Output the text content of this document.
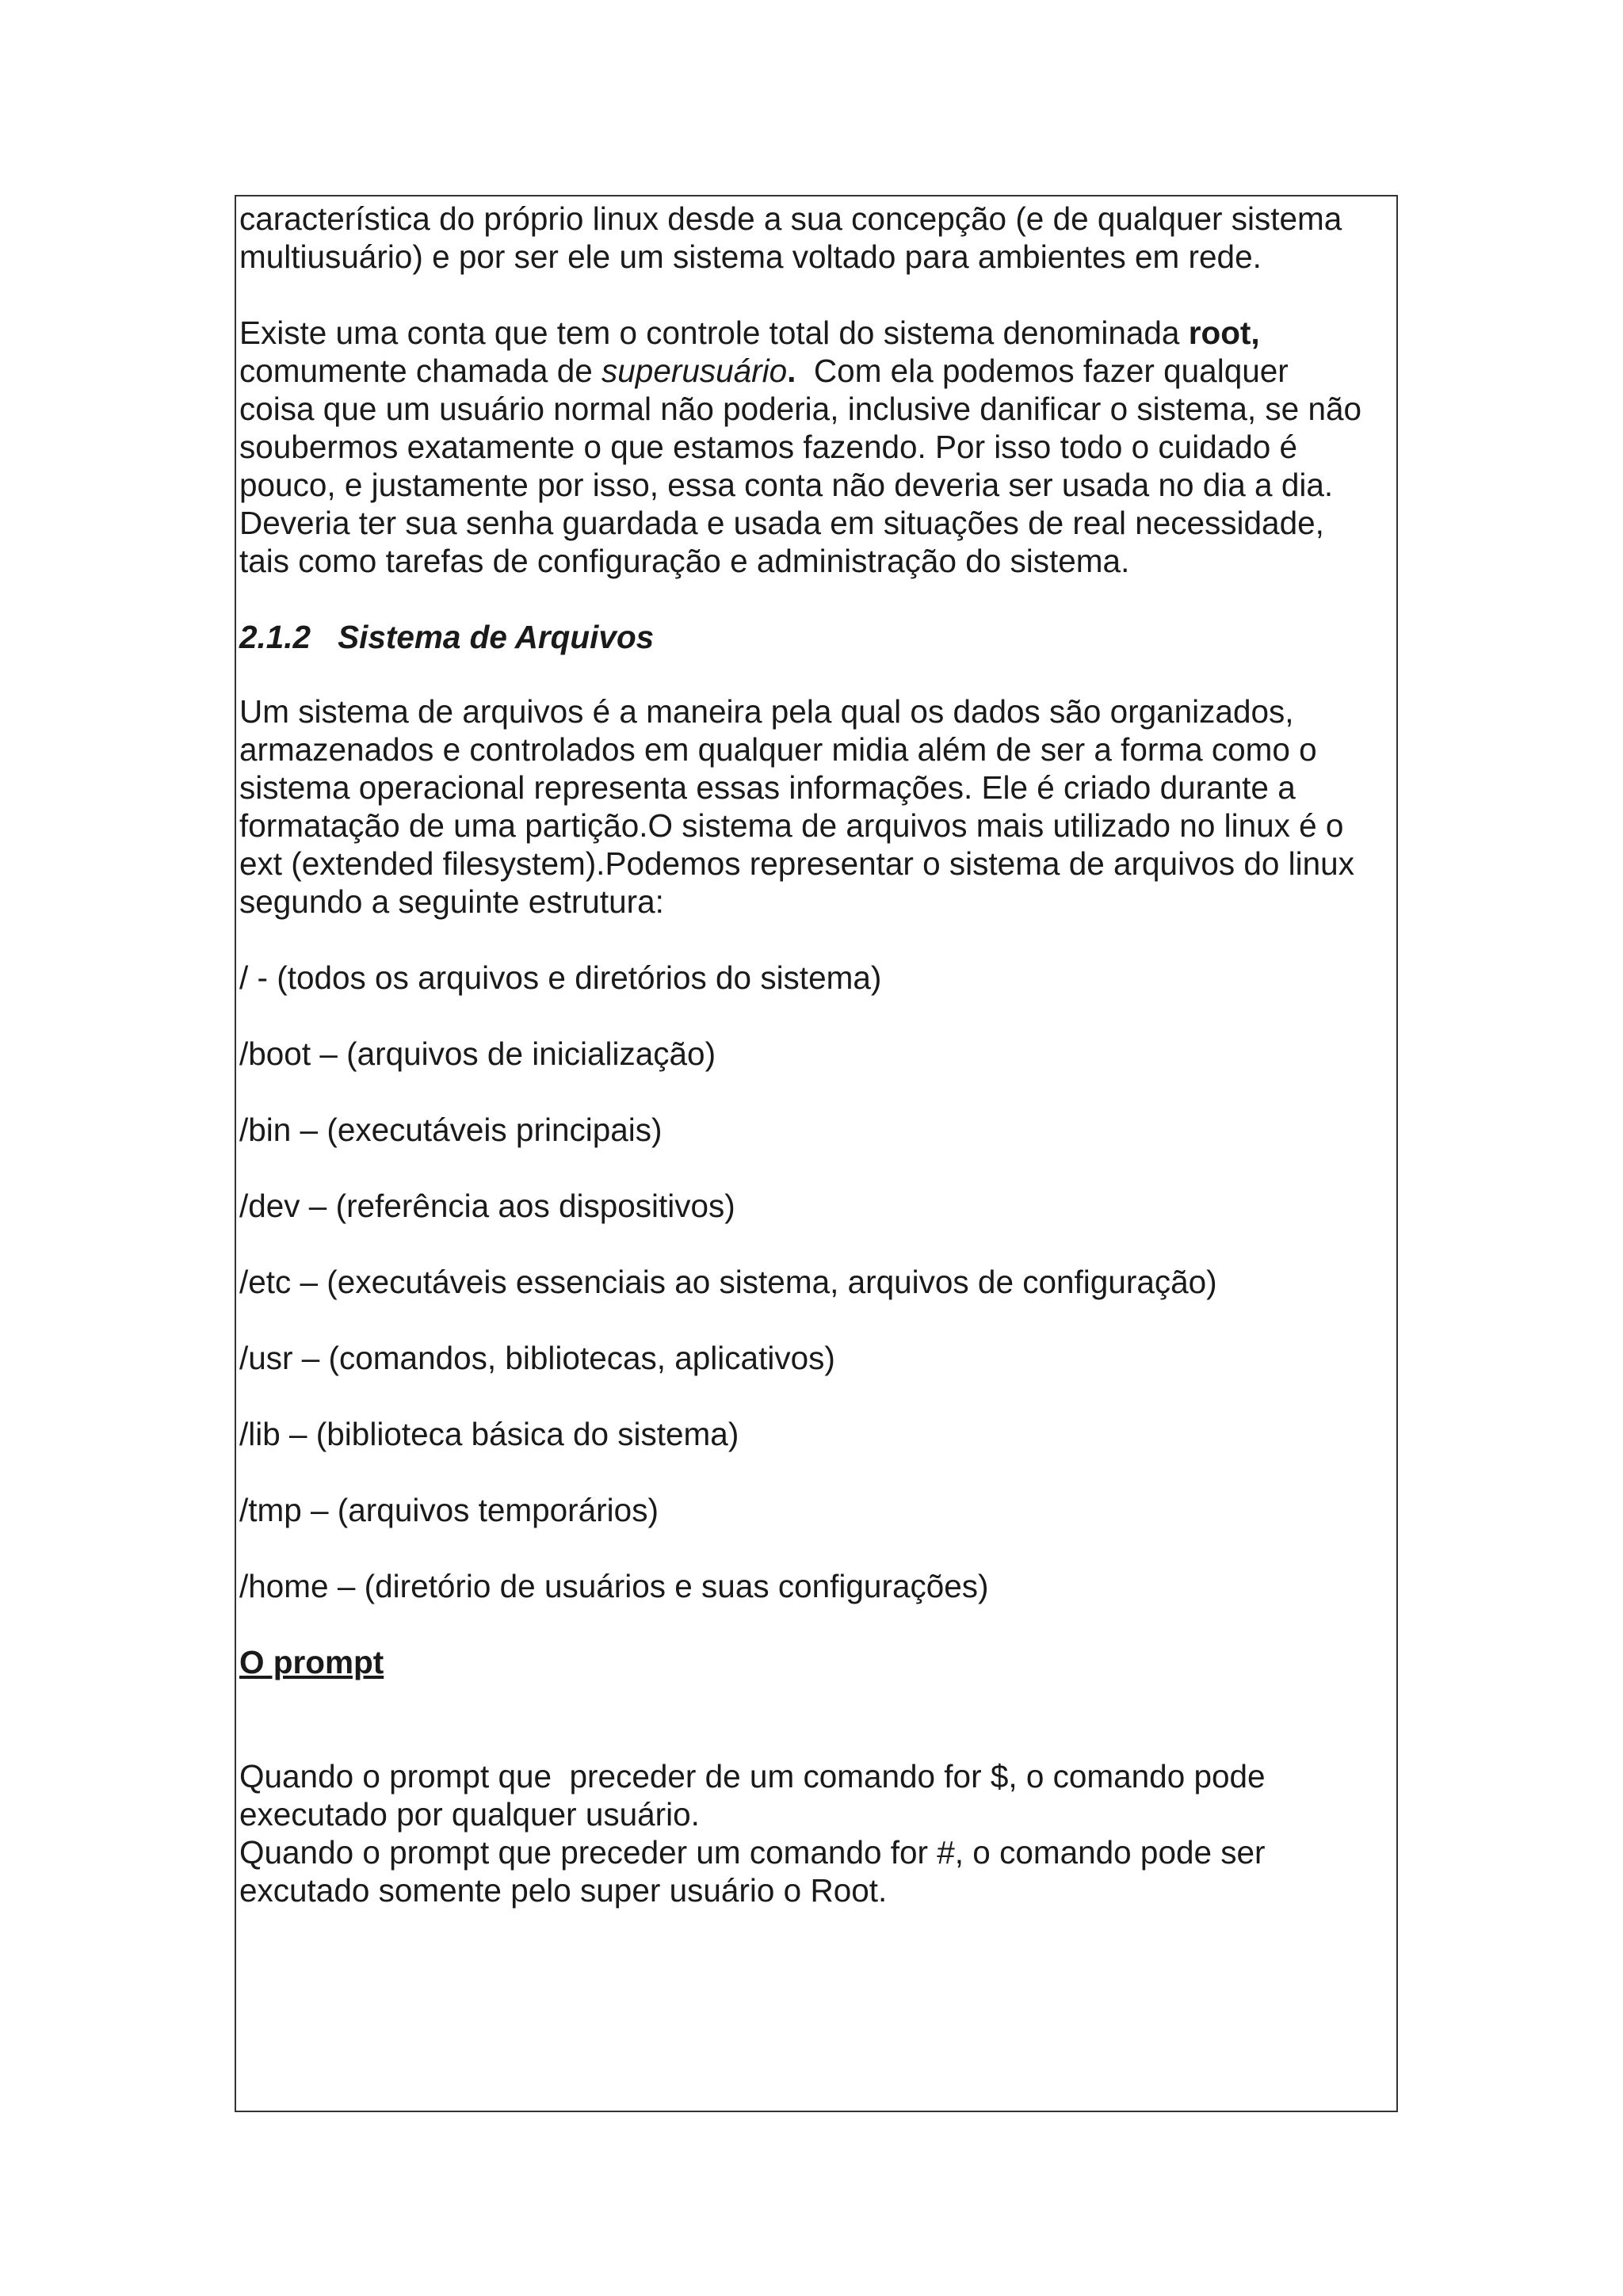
característica do próprio linux desde a sua concepção (e de qualquer sistema
multiusuário) e por ser ele um sistema voltado para ambientes em rede.

Existe uma conta que tem o controle total do sistema denominada root,
comumente chamada de superusuário.  Com ela podemos fazer qualquer
coisa que um usuário normal não poderia, inclusive danificar o sistema, se não
soubermos exatamente o que estamos fazendo. Por isso todo o cuidado é
pouco, e justamente por isso, essa conta não deveria ser usada no dia a dia.
Deveria ter sua senha guardada e usada em situações de real necessidade,
tais como tarefas de configuração e administração do sistema.

2.1.2 Sistema de Arquivos

Um sistema de arquivos é a maneira pela qual os dados são organizados,
armazenados e controlados em qualquer midia além de ser a forma como o
sistema operacional representa essas informações. Ele é criado durante a
formatação de uma partição.O sistema de arquivos mais utilizado no linux é o
ext (extended filesystem).Podemos representar o sistema de arquivos do linux
segundo a seguinte estrutura:

/ - (todos os arquivos e diretórios do sistema)

/boot – (arquivos de inicialização)

/bin – (executáveis principais)

/dev – (referência aos dispositivos)

/etc – (executáveis essenciais ao sistema, arquivos de configuração)

/usr – (comandos, bibliotecas, aplicativos)

/lib – (biblioteca básica do sistema)

/tmp – (arquivos temporários)

/home – (diretório de usuários e suas configurações)

O prompt

Quando o prompt que  preceder de um comando for $, o comando pode
executado por qualquer usuário.
Quando o prompt que preceder um comando for #, o comando pode ser
excutado somente pelo super usuário o Root.
